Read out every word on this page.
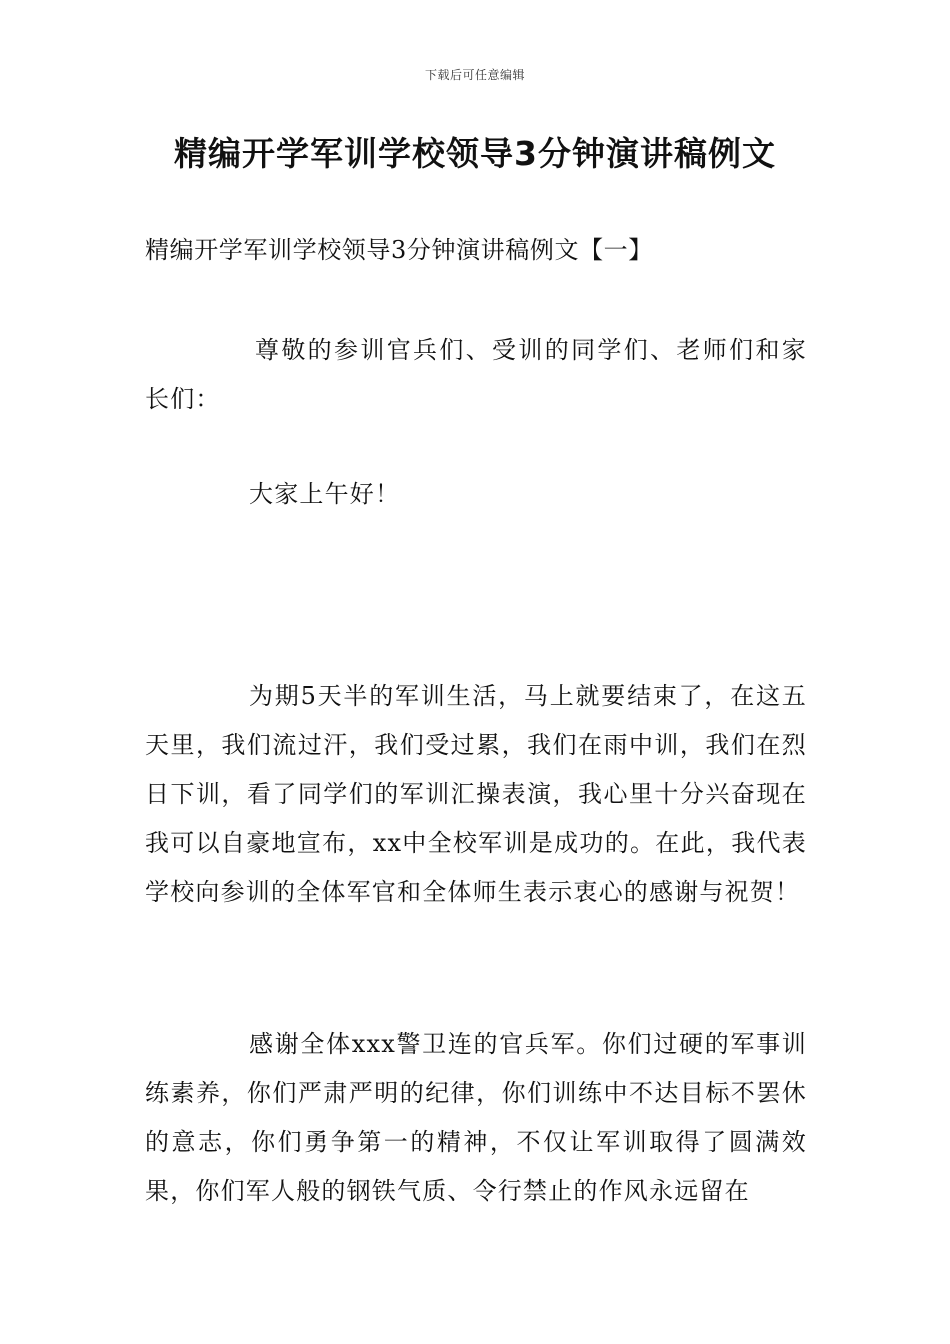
下载后可任意编辑
精编开学军训学校领导3分钟演讲稿例文

精编开学军训学校领导3分钟演讲稿例文【一】

尊敬的参训官兵们、受训的同学们、老师们和家长们：

大家上午好！

为期5天半的军训生活，马上就要结束了，在这五天里，我们流过汗，我们受过累，我们在雨中训，我们在烈日下训，看了同学们的军训汇操表演，我心里十分兴奋现在我可以自豪地宣布，xx中全校军训是成功的。在此，我代表学校向参训的全体军官和全体师生表示衷心的感谢与祝贺！

感谢全体xxx警卫连的官兵军。你们过硬的军事训练素养，你们严肃严明的纪律，你们训练中不达目标不罢休的意志，你们勇争第一的精神，不仅让军训取得了圆满效果，你们军人般的钢铁气质、令行禁止的作风永远留在
